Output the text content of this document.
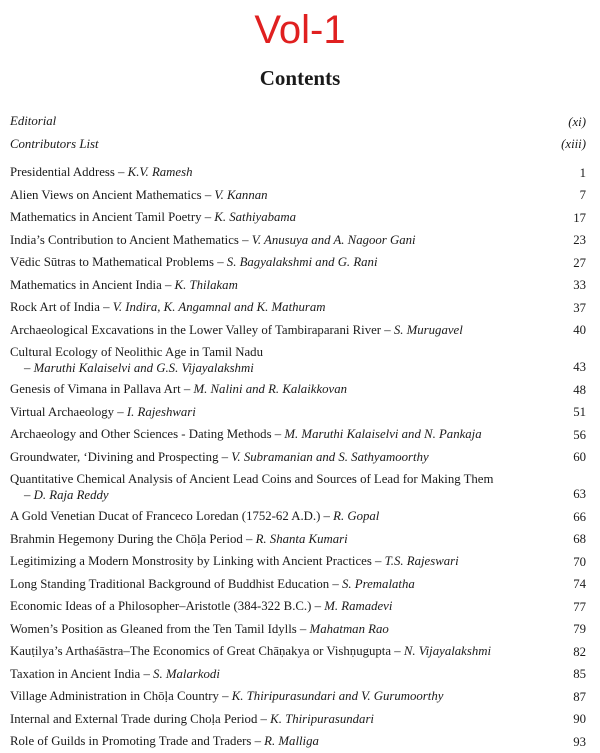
Vol-1
Contents
Editorial	(xi)
Contributors List	(xiii)
Presidential Address – K.V. Ramesh	1
Alien Views on Ancient Mathematics – V. Kannan	7
Mathematics in Ancient Tamil Poetry – K. Sathiyabama	17
India’s Contribution to Ancient Mathematics – V. Anusuya and A. Nagoor Gani	23
Vēdic Sūtras to Mathematical Problems – S. Bagyalakshmi and G. Rani	27
Mathematics in Ancient India – K. Thilakam	33
Rock Art of India – V. Indira, K. Angamnal and K. Mathuram	37
Archaeological Excavations in the Lower Valley of Tambiraparani River – S. Murugavel	40
Cultural Ecology of Neolithic Age in Tamil Nadu
– Maruthi Kalaiselvi and G.S. Vijayalakshmi	43
Genesis of Vimana in Pallava Art – M. Nalini and R. Kalaikkovan	48
Virtual Archaeology – I. Rajeshwari	51
Archaeology and Other Sciences - Dating Methods – M. Maruthi Kalaiselvi and N. Pankaja	56
Groundwater, ‘Divining and Prospecting – V. Subramanian and S. Sathyamoorthy	60
Quantitative Chemical Analysis of Ancient Lead Coins and Sources of Lead for Making Them
– D. Raja Reddy	63
A Gold Venetian Ducat of Franceco Loredan (1752-62 A.D.) – R. Gopal	66
Brahmin Hegemony During the Chōḷa Period – R. Shanta Kumari	68
Legitimizing a Modern Monstrosity by Linking with Ancient Practices – T.S. Rajeswari	70
Long Standing Traditional Background of Buddhist Education – S. Premalatha	74
Economic Ideas of a Philosopher–Aristotle (384-322 B.C.) – M. Ramadevi	77
Women’s Position as Gleaned from the Ten Tamil Idylls – Mahatman Rao	79
Kauṭilya’s Arthaśāstra–The Economics of Great Chāṇakya or Vishṇugupta – N. Vijayalakshmi	82
Taxation in Ancient India – S. Malarkodi	85
Village Administration in Chōḷa Country – K. Thiripurasundari and V. Gurumoorthy	87
Internal and External Trade during Choḷa Period – K. Thiripurasundari	90
Role of Guilds in Promoting Trade and Traders – R. Malliga	93
